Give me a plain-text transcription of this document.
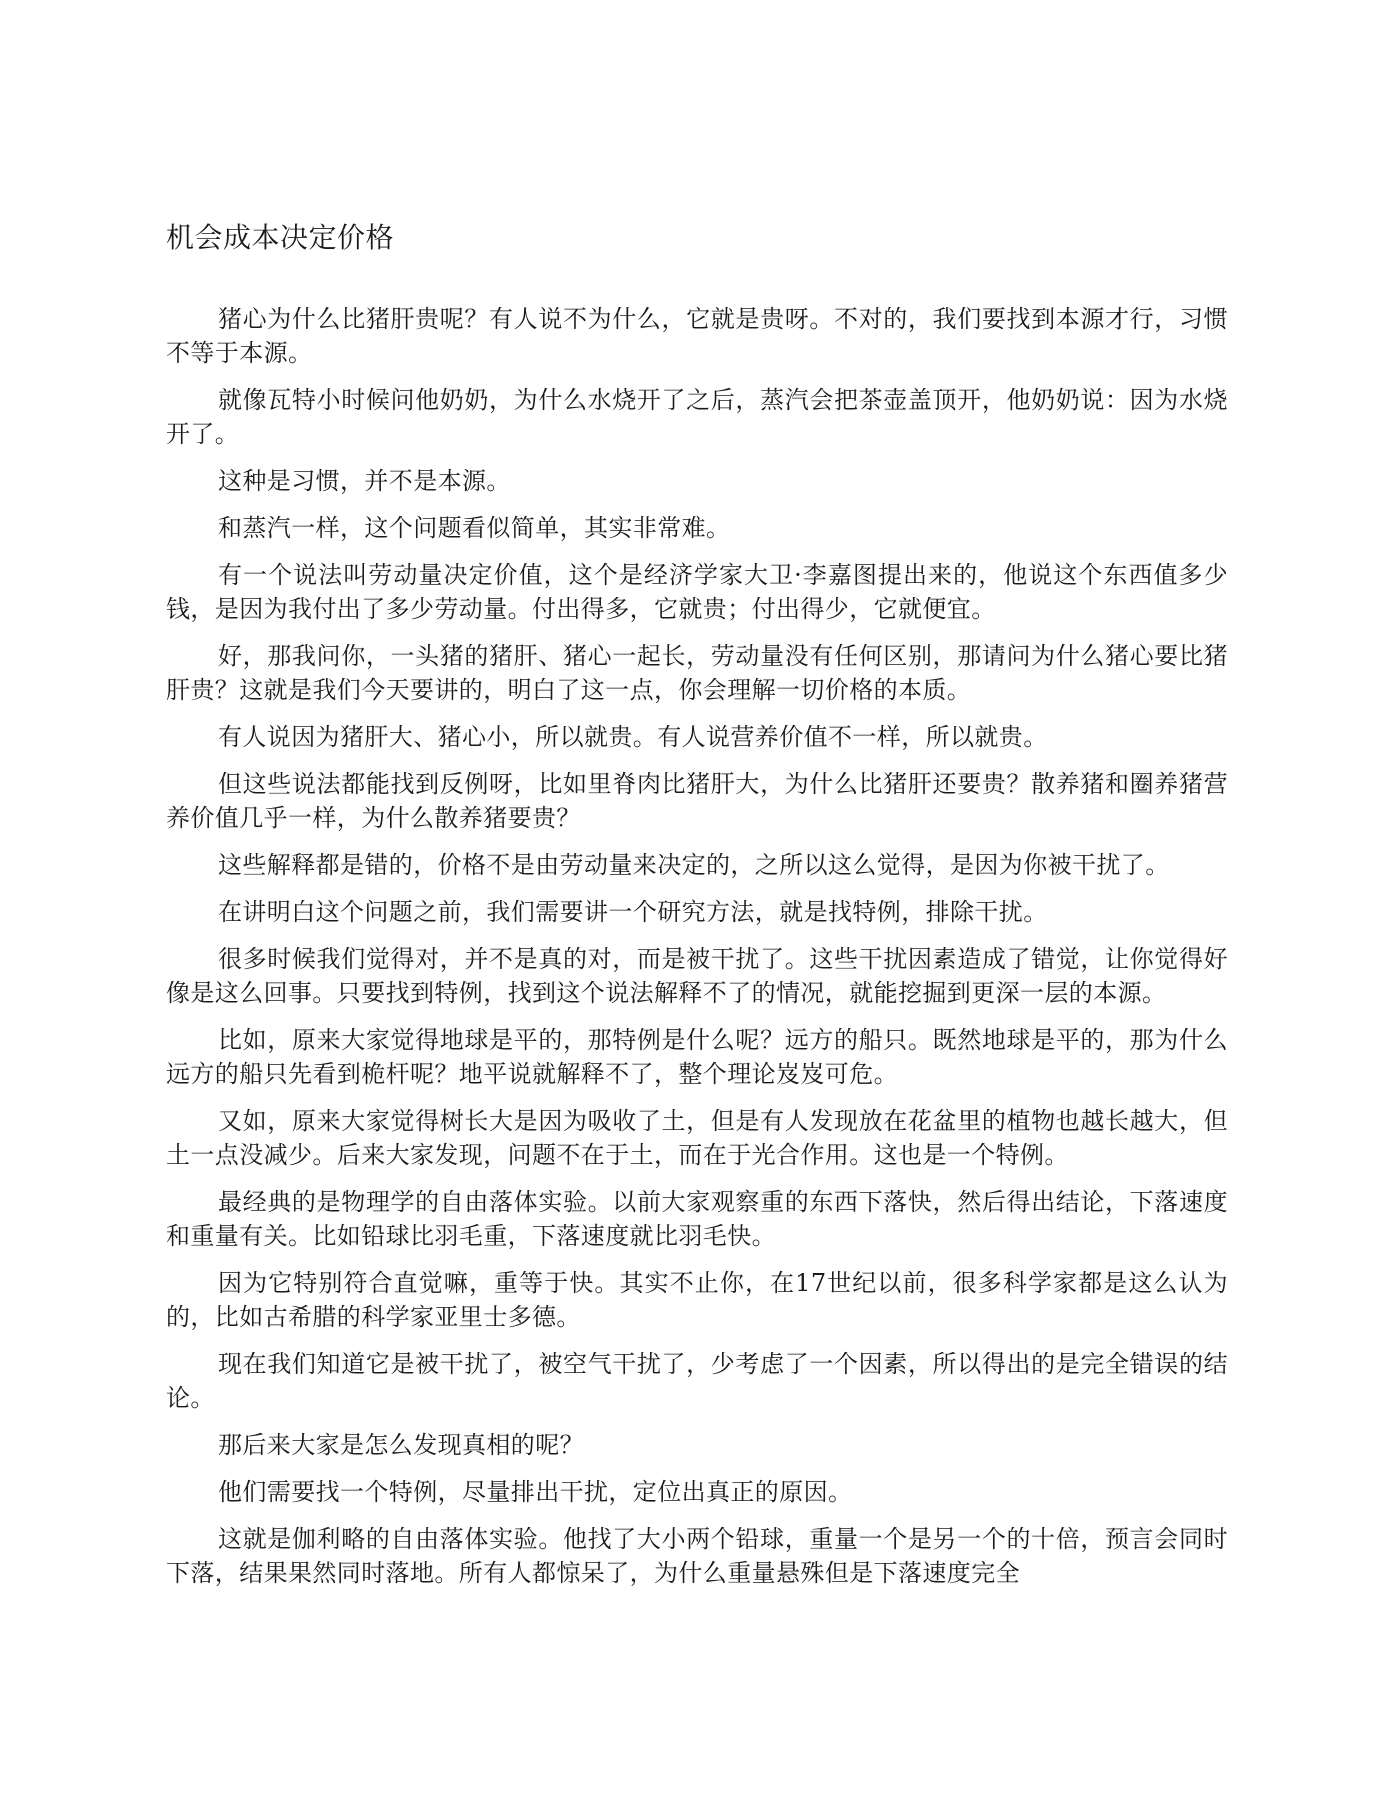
机会成本决定价格

猪心为什么比猪肝贵呢？有人说不为什么，它就是贵呀。不对的，我们要找到本源才行，习惯不等于本源。

就像瓦特小时候问他奶奶，为什么水烧开了之后，蒸汽会把茶壶盖顶开，他奶奶说：因为水烧开了。

这种是习惯，并不是本源。

和蒸汽一样，这个问题看似简单，其实非常难。

有一个说法叫劳动量决定价值，这个是经济学家大卫·李嘉图提出来的，他说这个东西值多少钱，是因为我付出了多少劳动量。付出得多，它就贵；付出得少，它就便宜。

好，那我问你，一头猪的猪肝、猪心一起长，劳动量没有任何区别，那请问为什么猪心要比猪肝贵？这就是我们今天要讲的，明白了这一点，你会理解一切价格的本质。

有人说因为猪肝大、猪心小，所以就贵。有人说营养价值不一样，所以就贵。

但这些说法都能找到反例呀，比如里脊肉比猪肝大，为什么比猪肝还要贵？散养猪和圈养猪营养价值几乎一样，为什么散养猪要贵？

这些解释都是错的，价格不是由劳动量来决定的，之所以这么觉得，是因为你被干扰了。

在讲明白这个问题之前，我们需要讲一个研究方法，就是找特例，排除干扰。

很多时候我们觉得对，并不是真的对，而是被干扰了。这些干扰因素造成了错觉，让你觉得好像是这么回事。只要找到特例，找到这个说法解释不了的情况，就能挖掘到更深一层的本源。

比如，原来大家觉得地球是平的，那特例是什么呢？远方的船只。既然地球是平的，那为什么远方的船只先看到桅杆呢？地平说就解释不了，整个理论岌岌可危。

又如，原来大家觉得树长大是因为吸收了土，但是有人发现放在花盆里的植物也越长越大，但土一点没减少。后来大家发现，问题不在于土，而在于光合作用。这也是一个特例。

最经典的是物理学的自由落体实验。以前大家观察重的东西下落快，然后得出结论，下落速度和重量有关。比如铅球比羽毛重，下落速度就比羽毛快。

因为它特别符合直觉嘛，重等于快。其实不止你，在17世纪以前，很多科学家都是这么认为的，比如古希腊的科学家亚里士多德。

现在我们知道它是被干扰了，被空气干扰了，少考虑了一个因素，所以得出的是完全错误的结论。

那后来大家是怎么发现真相的呢？

他们需要找一个特例，尽量排出干扰，定位出真正的原因。

这就是伽利略的自由落体实验。他找了大小两个铅球，重量一个是另一个的十倍，预言会同时下落，结果果然同时落地。所有人都惊呆了，为什么重量悬殊但是下落速度完全
